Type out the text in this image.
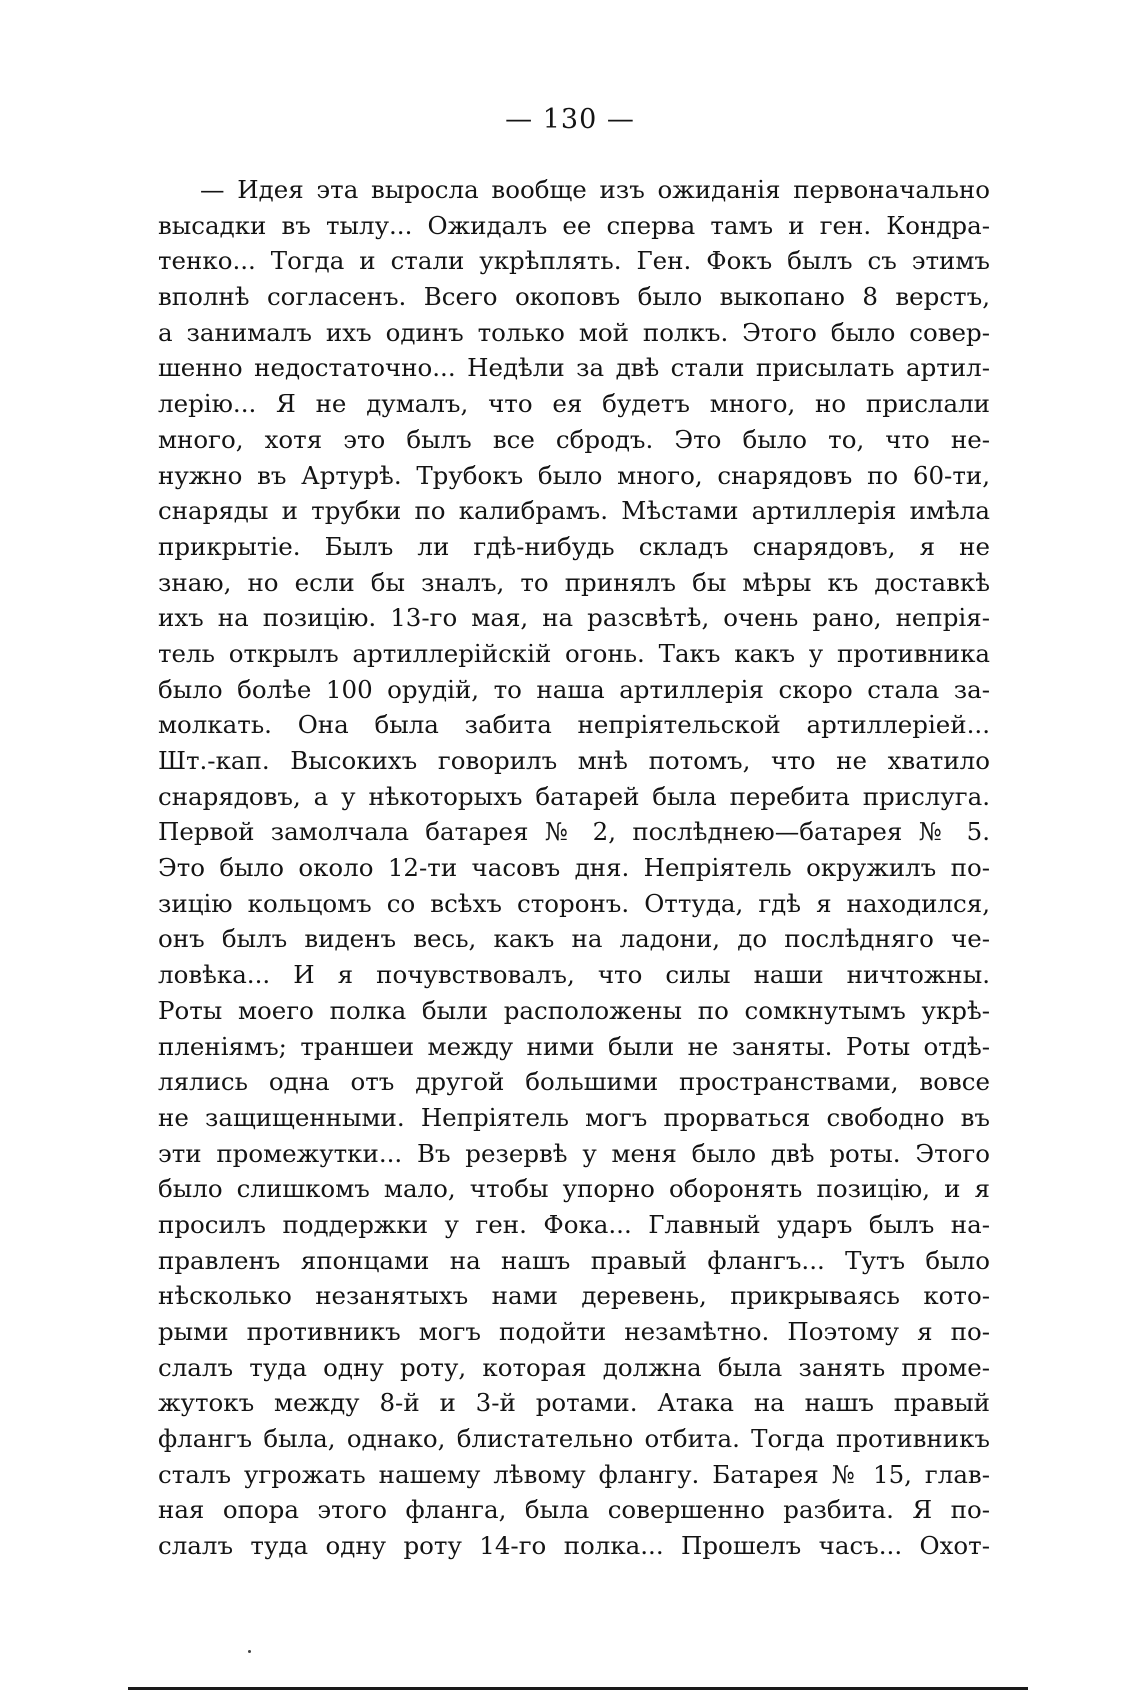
— 130 —
— Идея эта выросла вообще изъ ожиданія первоначально
высадки въ тылу... Ожидалъ ее сперва тамъ и ген. Кондра-
тенко... Тогда и стали укрѣплять. Ген. Фокъ былъ съ этимъ
вполнѣ согласенъ. Всего окоповъ было выкопано 8 верстъ,
а занималъ ихъ одинъ только мой полкъ. Этого было совер-
шенно недостаточно... Недѣли за двѣ стали присылать артил-
лерію... Я не думалъ, что ея будетъ много, но прислали
много, хотя это былъ все сбродъ. Это было то, что не-
нужно въ Артурѣ. Трубокъ было много, снарядовъ по 60-ти,
снаряды и трубки по калибрамъ. Мѣстами артиллерія имѣла
прикрытіе. Былъ ли гдѣ-нибудь складъ снарядовъ, я не
знаю, но если бы зналъ, то принялъ бы мѣры къ доставкѣ
ихъ на позицію. 13-го мая, на разсвѣтѣ, очень рано, непрія-
тель открылъ артиллерійскій огонь. Такъ какъ у противника
было болѣе 100 орудій, то наша артиллерія скоро стала за-
молкать. Она была забита непріятельской артиллеріей...
Шт.-кап. Высокихъ говорилъ мнѣ потомъ, что не хватило
снарядовъ, а у нѣкоторыхъ батарей была перебита прислуга.
Первой замолчала батарея № 2, послѣднею—батарея № 5.
Это было около 12-ти часовъ дня. Непріятель окружилъ по-
зицію кольцомъ со всѣхъ сторонъ. Оттуда, гдѣ я находился,
онъ былъ виденъ весь, какъ на ладони, до послѣдняго че-
ловѣка... И я почувствовалъ, что силы наши ничтожны.
Роты моего полка были расположены по сомкнутымъ укрѣ-
пленіямъ; траншеи между ними были не заняты. Роты отдѣ-
лялись одна отъ другой большими пространствами, вовсе
не защищенными. Непріятель могъ прорваться свободно въ
эти промежутки... Въ резервѣ у меня было двѣ роты. Этого
было слишкомъ мало, чтобы упорно оборонять позицію, и я
просилъ поддержки у ген. Фока... Главный ударъ былъ на-
правленъ японцами на нашъ правый флангъ... Тутъ было
нѣсколько незанятыхъ нами деревень, прикрываясь кото-
рыми противникъ могъ подойти незамѣтно. Поэтому я по-
слалъ туда одну роту, которая должна была занять проме-
жутокъ между 8-й и 3-й ротами. Атака на нашъ правый
флангъ была, однако, блистательно отбита. Тогда противникъ
сталъ угрожать нашему лѣвому флангу. Батарея № 15, глав-
ная опора этого фланга, была совершенно разбита. Я по-
слалъ туда одну роту 14-го полка... Прошелъ часъ... Охот-
